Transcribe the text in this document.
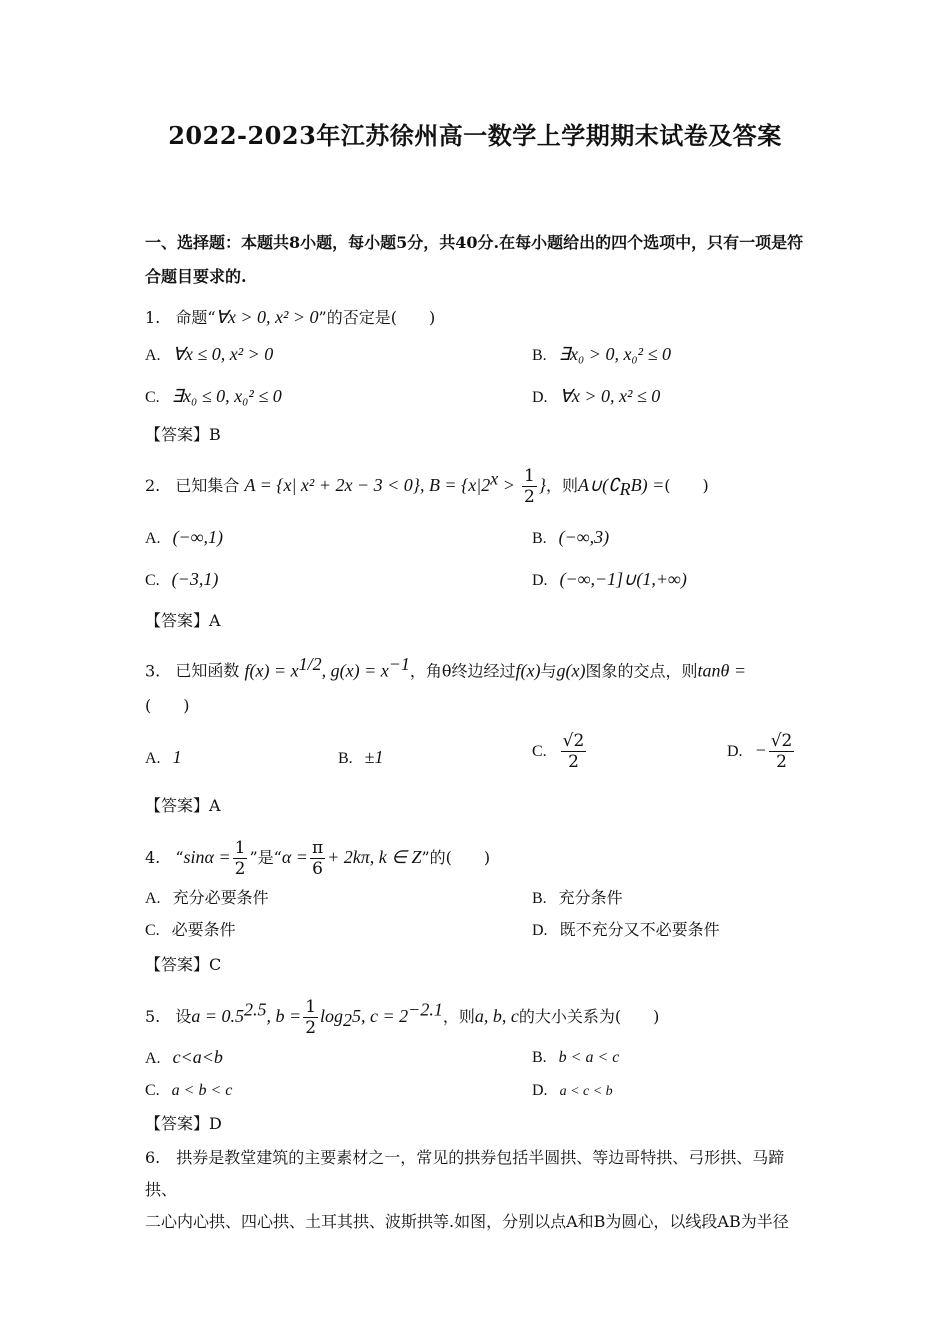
2022-2023年江苏徐州高一数学上学期期末试卷及答案
一、选择题：本题共8小题，每小题5分，共40分.在每小题给出的四个选项中，只有一项是符合题目要求的.
1. 命题“∀x > 0, x² > 0”的否定是(　　)
A. ∀x ≤ 0, x² > 0	B. ∃x₀ > 0, x₀² ≤ 0
C. ∃x₀ ≤ 0, x₀² ≤ 0	D. ∀x > 0, x² ≤ 0
【答案】B
2. 已知集合 A = {x| x² + 2x − 3 < 0}, $B = \{x|2^x > \frac{1}{2}$ }，则$A\cup(∁_RB)$ =(　　)
A. (−∞,1)	B. (−∞,3)
C. (−3,1)	D. (−∞,−1]∪(1,+∞)
【答案】A
3. 已知函数 $f(x) = x^{1/2}$, $g(x) = x^{-1}$，角θ终边经过f(x)与g(x)图象的交点，则tanθ =
(　　)
A. 1	B. ±1	C. $\frac{√2}{2}$	D. − $\frac{√2}{2}$
【答案】A
4. “$\sin\alpha = \frac{1}{2}$ ”是“$\alpha = \frac{\pi}{6} + 2k\pi$, k ∈ Z”的(　　)
A. 充分必要条件	B. 充分条件
C. 必要条件	D. 既不充分又不必要条件
【答案】C
5. 设$a = 0.5^{2.5}$, $b = \frac{1}{2} \log_25$, $c = 2^{-2.1}$，则a, b, c的大小关系为(　　)
A. c<a<b	B. b < a < c
C. a < b < c	D. a < c < b
【答案】D
6.　拱券是教堂建筑的主要素材之一，常见的拱券包括半圆拱、等边哥特拱、弓形拱、马蹄拱、
二心内心拱、四心拱、土耳其拱、波斯拱等.如图，分别以点A和B为圆心，以线段AB为半径
